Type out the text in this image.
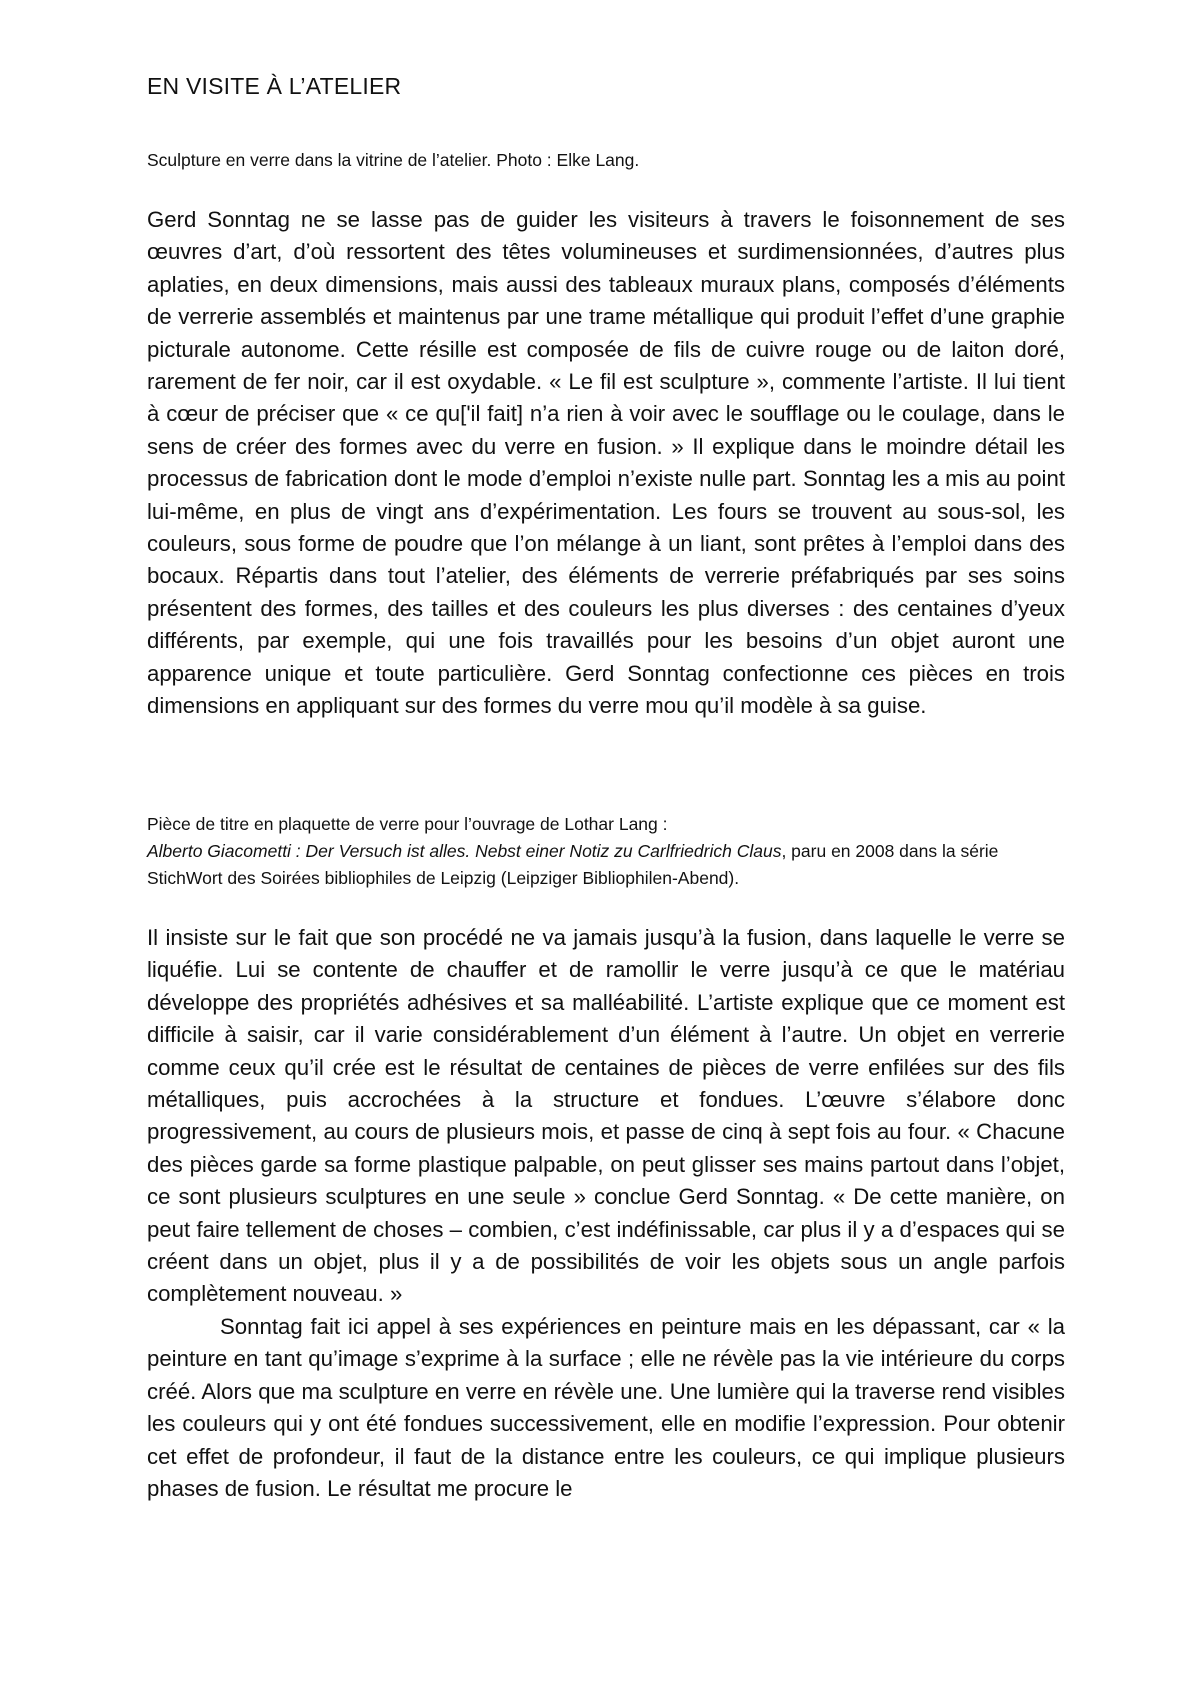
EN VISITE À L’ATELIER
Sculpture en verre dans la vitrine de l’atelier. Photo : Elke Lang.

Gerd Sonntag ne se lasse pas de guider les visiteurs à travers le foisonnement de ses œuvres d’art, d’où ressortent des têtes volumineuses et surdimensionnées, d’autres plus aplaties, en deux dimensions, mais aussi des tableaux muraux plans, composés d’éléments de verrerie assemblés et maintenus par une trame métallique qui produit l’effet d’une graphie picturale autonome. Cette résille est composée de fils de cuivre rouge ou de laiton doré, rarement de fer noir, car il est oxydable. « Le fil est sculpture », commente l’artiste. Il lui tient à cœur de préciser que « ce qu['il fait] n’a rien à voir avec le soufflage ou le coulage, dans le sens de créer des formes avec du verre en fusion. » Il explique dans le moindre détail les processus de fabrication dont le mode d’emploi n’existe nulle part. Sonntag les a mis au point lui-même, en plus de vingt ans d’expérimentation. Les fours se trouvent au sous-sol, les couleurs, sous forme de poudre que l’on mélange à un liant, sont prêtes à l’emploi dans des bocaux. Répartis dans tout l’atelier, des éléments de verrerie préfabriqués par ses soins présentent des formes, des tailles et des couleurs les plus diverses : des centaines d’yeux différents, par exemple, qui une fois travaillés pour les besoins d’un objet auront une apparence unique et toute particulière. Gerd Sonntag confectionne ces pièces en trois dimensions en appliquant sur des formes du verre mou qu’il modèle à sa guise.

Pièce de titre en plaquette de verre pour l’ouvrage de Lothar Lang :
Alberto Giacometti : Der Versuch ist alles. Nebst einer Notiz zu Carlfriedrich Claus, paru en 2008 dans la série StichWort des Soirées bibliophiles de Leipzig (Leipziger Bibliophilen-Abend).

Il insiste sur le fait que son procédé ne va jamais jusqu’à la fusion, dans laquelle le verre se liquéfie. Lui se contente de chauffer et de ramollir le verre jusqu’à ce que le matériau développe des propriétés adhésives et sa malléabilité. L’artiste explique que ce moment est difficile à saisir, car il varie considérablement d’un élément à l’autre. Un objet en verrerie comme ceux qu’il crée est le résultat de centaines de pièces de verre enfilées sur des fils métalliques, puis accrochées à la structure et fondues. L’œuvre s’élabore donc progressivement, au cours de plusieurs mois, et passe de cinq à sept fois au four. « Chacune des pièces garde sa forme plastique palpable, on peut glisser ses mains partout dans l’objet, ce sont plusieurs sculptures en une seule » conclue Gerd Sonntag. « De cette manière, on peut faire tellement de choses – combien, c’est indéfinissable, car plus il y a d’espaces qui se créent dans un objet, plus il y a de possibilités de voir les objets sous un angle parfois complètement nouveau. »

Sonntag fait ici appel à ses expériences en peinture mais en les dépassant, car « la peinture en tant qu’image s’exprime à la surface ; elle ne révèle pas la vie intérieure du corps créé. Alors que ma sculpture en verre en révèle une. Une lumière qui la traverse rend visibles les couleurs qui y ont été fondues successivement, elle en modifie l’expression. Pour obtenir cet effet de profondeur, il faut de la distance entre les couleurs, ce qui implique plusieurs phases de fusion. Le résultat me procure le
